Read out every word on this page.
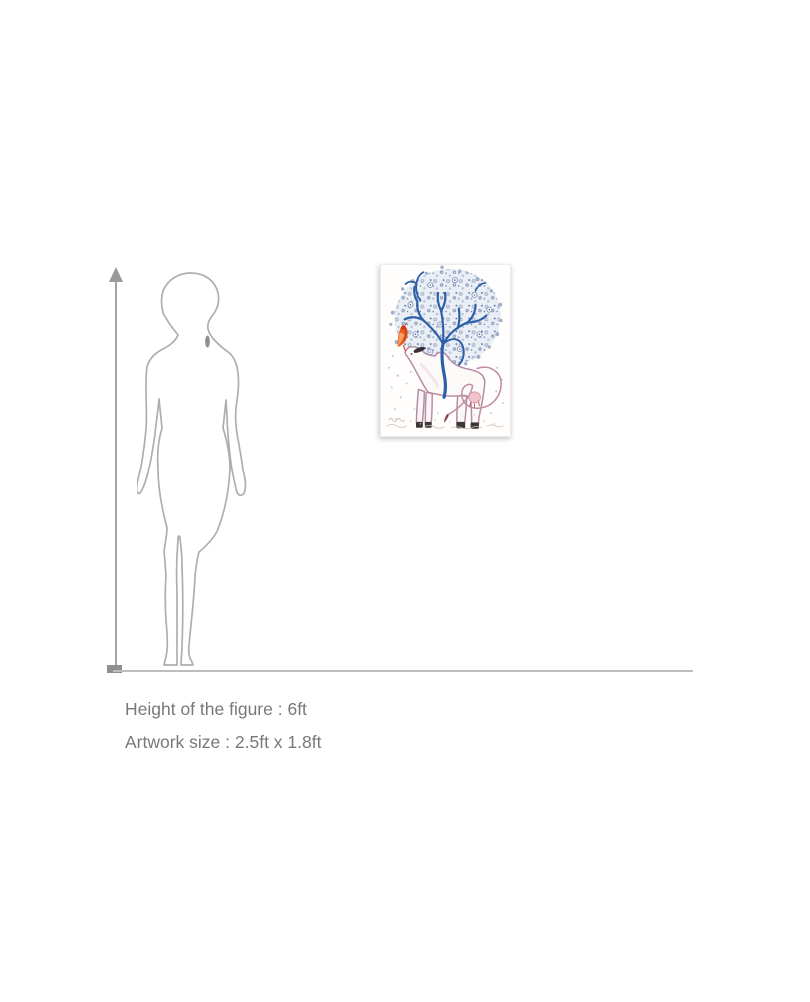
Height of the figure : 6ft
Artwork size : 2.5ft x 1.8ft
